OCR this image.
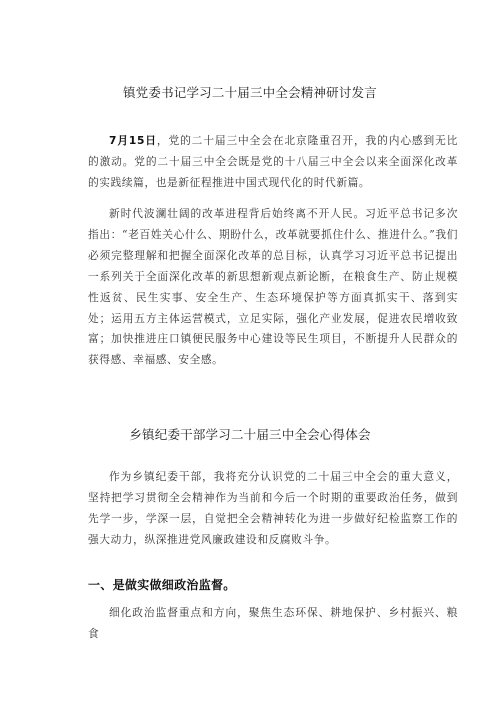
镇党委书记学习二十届三中全会精神研讨发言

7月15日，党的二十届三中全会在北京隆重召开，我的内心感到无比的激动。党的二十届三中全会既是党的十八届三中全会以来全面深化改革的实践续篇，也是新征程推进中国式现代化的时代新篇。

新时代波澜壮阔的改革进程背后始终离不开人民。习近平总书记多次指出：“老百姓关心什么、期盼什么，改革就要抓住什么、推进什么。”我们必须完整理解和把握全面深化改革的总目标，认真学习习近平总书记提出一系列关于全面深化改革的新思想新观点新论断，在粮食生产、防止规模性返贫、民生实事、安全生产、生态环境保护等方面真抓实干、落到实处；运用五方主体运营模式，立足实际，强化产业发展，促进农民增收致富；加快推进庄口镇便民服务中心建设等民生项目，不断提升人民群众的获得感、幸福感、安全感。

乡镇纪委干部学习二十届三中全会心得体会

作为乡镇纪委干部，我将充分认识党的二十届三中全会的重大意义，坚持把学习贯彻全会精神作为当前和今后一个时期的重要政治任务，做到先学一步，学深一层，自觉把全会精神转化为进一步做好纪检监察工作的强大动力，纵深推进党风廉政建设和反腐败斗争。

一、是做实做细政治监督。

细化政治监督重点和方向，聚焦生态环保、耕地保护、乡村振兴、粮食
